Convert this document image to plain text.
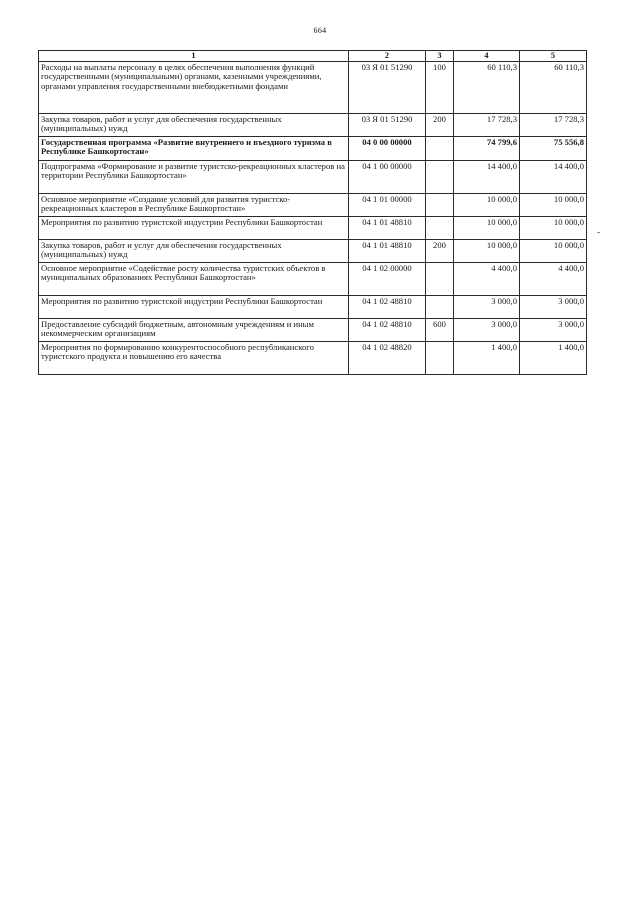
664
1	2	3	4	5
Расходы на выплаты персоналу в целях обеспечения выполнения функций государственными (муниципальными) органами, казенными учреждениями, органами управления государственными внебюджетными фондами	03 Я 01 51290	100	60 110,3	60 110,3
Закупка товаров, работ и услуг для обеспечения государственных (муниципальных) нужд	03 Я 01 51290	200	17 728,3	17 728,3
Государственная программа «Развитие внутреннего и въездного туризма в Республике Башкортостан»	04 0 00 00000		74 799,6	75 556,8
Подпрограмма «Формирование и развитие туристско-рекреационных кластеров на территории Республики Башкортостан»	04 1 00 00000		14 400,0	14 400,0
Основное мероприятие «Создание условий для развития туристско-рекреационных кластеров в Республике Башкортостан»	04 1 01 00000		10 000,0	10 000,0
Мероприятия по развитию туристской индустрии Республики Башкортостан	04 1 01 48810		10 000,0	10 000,0
Закупка товаров, работ и услуг для обеспечения государственных (муниципальных) нужд	04 1 01 48810	200	10 000,0	10 000,0
Основное мероприятие «Содействие росту количества туристских объектов в муниципальных образованиях Республики Башкортостан»	04 1 02 00000		4 400,0	4 400,0
Мероприятия по развитию туристской индустрии Республики Башкортостан	04 1 02 48810		3 000,0	3 000,0
Предоставление субсидий бюджетным, автономным учреждениям и иным некоммерческим организациям	04 1 02 48810	600	3 000,0	3 000,0
Мероприятия по формированию конкурентоспособного республиканского туристского продукта и повышению его качества	04 1 02 48820		1 400,0	1 400,0
